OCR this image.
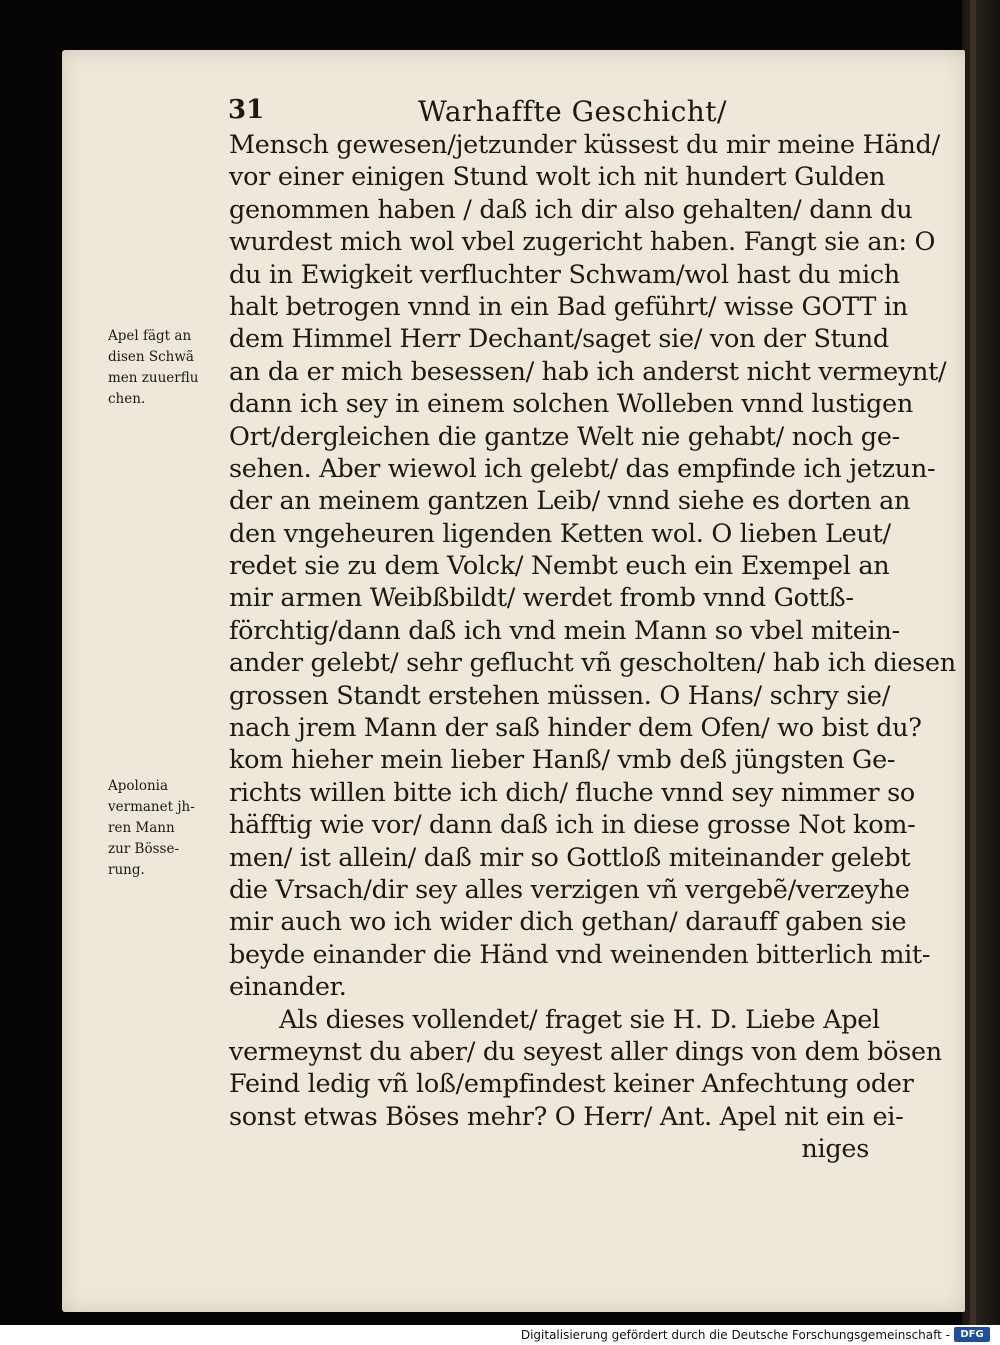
31	Warhaffte Geschicht/
Apel fägt an
disen Schwã
men zuuerflu
chen.
Apolonia
vermanet jh-
ren Mann
zur Bösse-
rung.
Mensch gewesen/jetzunder küssest du mir meine Händ/
vor einer einigen Stund wolt ich nit hundert Gulden
genommen haben / daß ich dir also gehalten/ dann du
wurdest mich wol vbel zugericht haben. Fangt sie an: O
du in Ewigkeit verfluchter Schwam/wol hast du mich
halt betrogen vnnd in ein Bad geführt/ wisse GOTT in
dem Himmel Herr Dechant/saget sie/ von der Stund
an da er mich besessen/ hab ich anderst nicht vermeynt/
dann ich sey in einem solchen Wolleben vnnd lustigen
Ort/dergleichen die gantze Welt nie gehabt/ noch ge-
sehen. Aber wiewol ich gelebt/ das empfinde ich jetzun-
der an meinem gantzen Leib/ vnnd siehe es dorten an
den vngeheuren ligenden Ketten wol. O lieben Leut/
redet sie zu dem Volck/ Nembt euch ein Exempel an
mir armen Weibßbildt/ werdet fromb vnnd Gottß-
förchtig/dann daß ich vnd mein Mann so vbel mitein-
ander gelebt/ sehr geflucht vñ gescholten/ hab ich diesen
grossen Standt erstehen müssen. O Hans/ schry sie/
nach jrem Mann der saß hinder dem Ofen/ wo bist du?
kom hieher mein lieber Hanß/ vmb deß jüngsten Ge-
richts willen bitte ich dich/ fluche vnnd sey nimmer so
häfftig wie vor/ dann daß ich in diese grosse Not kom-
men/ ist allein/ daß mir so Gottloß miteinander gelebt
die Vrsach/dir sey alles verzigen vñ vergebẽ/verzeyhe
mir auch wo ich wider dich gethan/ darauff gaben sie
beyde einander die Händ vnd weinenden bitterlich mit-
einander.
Als dieses vollendet/ fraget sie H. D. Liebe Apel
vermeynst du aber/ du seyest aller dings von dem bösen
Feind ledig vñ loß/empfindest keiner Anfechtung oder
sonst etwas Böses mehr? O Herr/ Ant. Apel nit ein ei-
niges
Digitalisierung gefördert durch die Deutsche Forschungsgemeinschaft -	DFG
